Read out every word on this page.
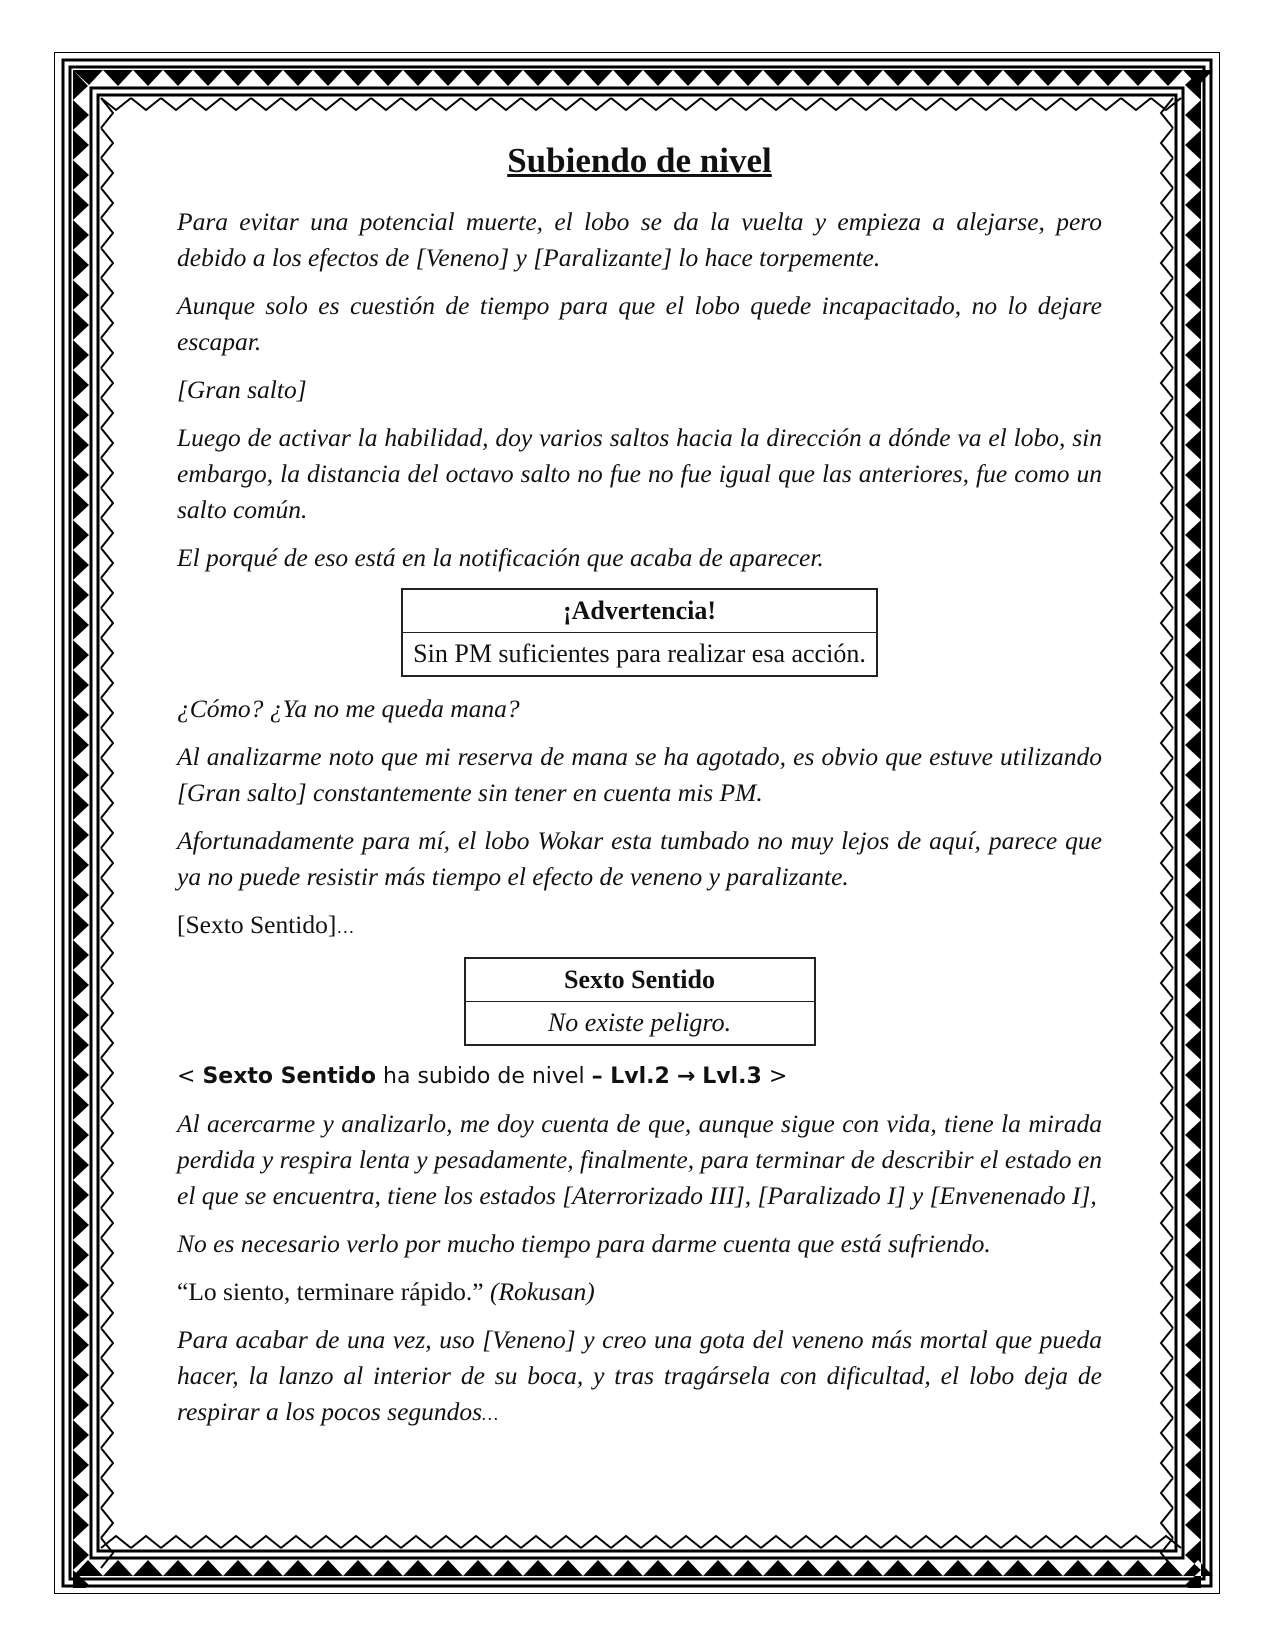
Subiendo de nivel

Para evitar una potencial muerte, el lobo se da la vuelta y empieza a alejarse, pero debido a los efectos de [Veneno] y [Paralizante] lo hace torpemente.

Aunque solo es cuestión de tiempo para que el lobo quede incapacitado, no lo dejare escapar.

[Gran salto]

Luego de activar la habilidad, doy varios saltos hacia la dirección a dónde va el lobo, sin embargo, la distancia del octavo salto no fue no fue igual que las anteriores, fue como un salto común.

El porqué de eso está en la notificación que acaba de aparecer.

¡Advertencia!
Sin PM suficientes para realizar esa acción.

¿Cómo? ¿Ya no me queda mana?

Al analizarme noto que mi reserva de mana se ha agotado, es obvio que estuve utilizando [Gran salto] constantemente sin tener en cuenta mis PM.

Afortunadamente para mí, el lobo Wokar esta tumbado no muy lejos de aquí, parece que ya no puede resistir más tiempo el efecto de veneno y paralizante.

[Sexto Sentido]…

Sexto Sentido
No existe peligro.
< Sexto Sentido ha subido de nivel – Lvl.2 → Lvl.3 >

Al acercarme y analizarlo, me doy cuenta de que, aunque sigue con vida, tiene la mirada perdida y respira lenta y pesadamente, finalmente, para terminar de describir el estado en el que se encuentra, tiene los estados [Aterrorizado III], [Paralizado I] y [Envenenado I],

No es necesario verlo por mucho tiempo para darme cuenta que está sufriendo.

“Lo siento, terminare rápido.” (Rokusan)

Para acabar de una vez, uso [Veneno] y creo una gota del veneno más mortal que pueda hacer, la lanzo al interior de su boca, y tras tragársela con dificultad, el lobo deja de respirar a los pocos segundos…
